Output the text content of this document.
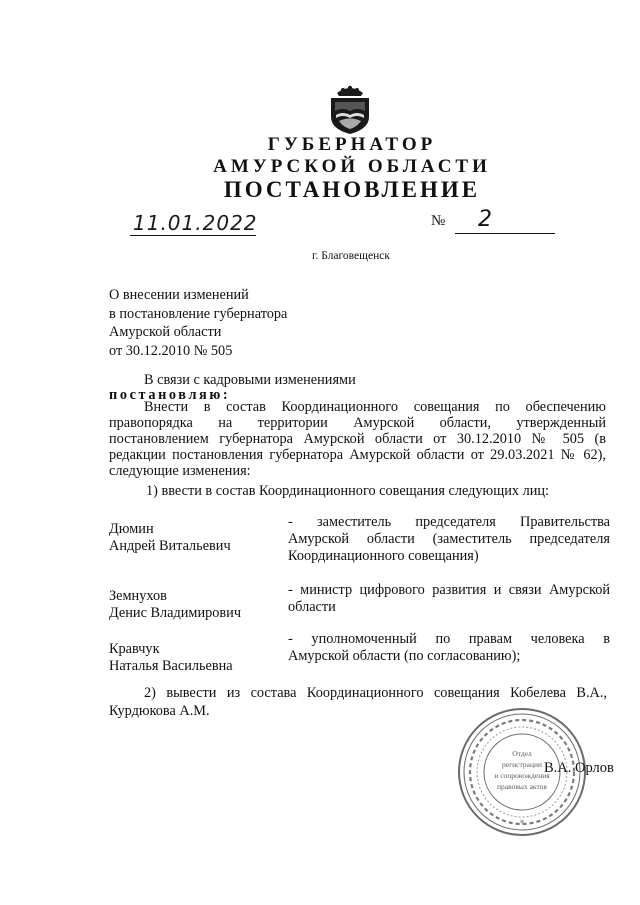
ГУБЕРНАТОР
АМУРСКОЙ ОБЛАСТИ
ПОСТАНОВЛЕНИЕ
11.01.2022	№ 2
г. Благовещенск
О внесении изменений
в постановление губернатора
Амурской области
от 30.12.2010 № 505
В связи с кадровыми изменениями
постановляю:
Внести в состав Координационного совещания по обеспечению
правопорядка на территории Амурской области, утвержденный
постановлением губернатора Амурской области от 30.12.2010 № 505 (в
редакции постановления губернатора Амурской области от 29.03.2021 № 62),
следующие изменения:
1) ввести в состав Координационного совещания следующих лиц:
Дюмин
Андрей Витальевич
- заместитель председателя Правительства
Амурской области (заместитель председателя
Координационного совещания)
Земнухов
Денис Владимирович
- министр цифрового развития и связи Амурской
области
Кравчук
Наталья Васильевна
- уполномоченный по правам человека в
Амурской области (по согласованию);
2) вывести из состава Координационного совещания Кобелева В.А.,
Курдюкова А.М.
*
Отдел
регистрации
и сопровождения
правовых актов
В.А. Орлов
